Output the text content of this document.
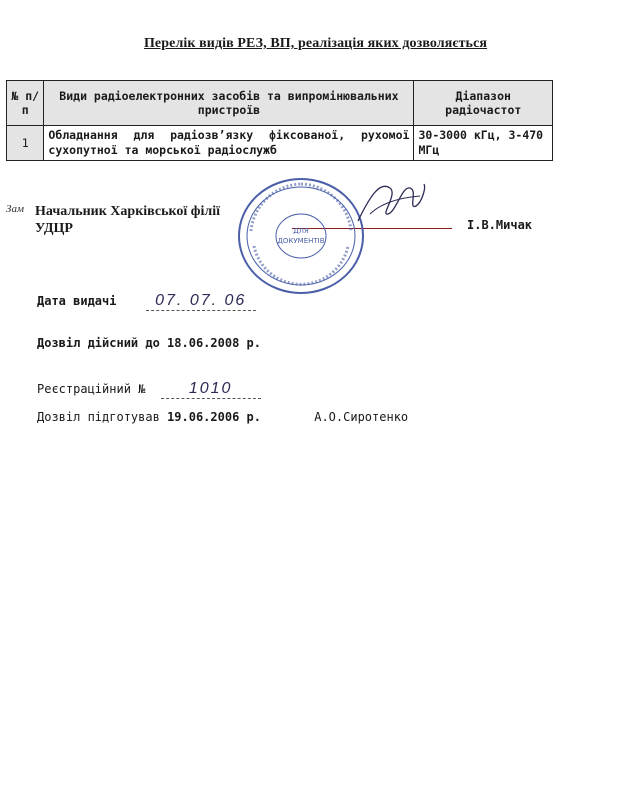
Перелік видів РЕЗ, ВП, реалізація яких дозволяється
№ п/п	Види радіоелектронних засобів та випромінювальних пристроїв	Діапазон радіочастот
1	Обладнання для радіозв’язку фіксованої, рухомої сухопутної та морської радіослужб	30-3000 кГц, 3-470 МГц
Зам Начальник Харківської філії
УДЦР	І.В.Мичак
ДЛЯ
ДОКУМЕНТІВ
Дата видачі 07. 07. 06
Дозвіл дійсний до 18.06.2008 р.
Реєстраційний №	1010
Дозвіл підготував 19.06.2006 р.	А.О.Сиротенко
